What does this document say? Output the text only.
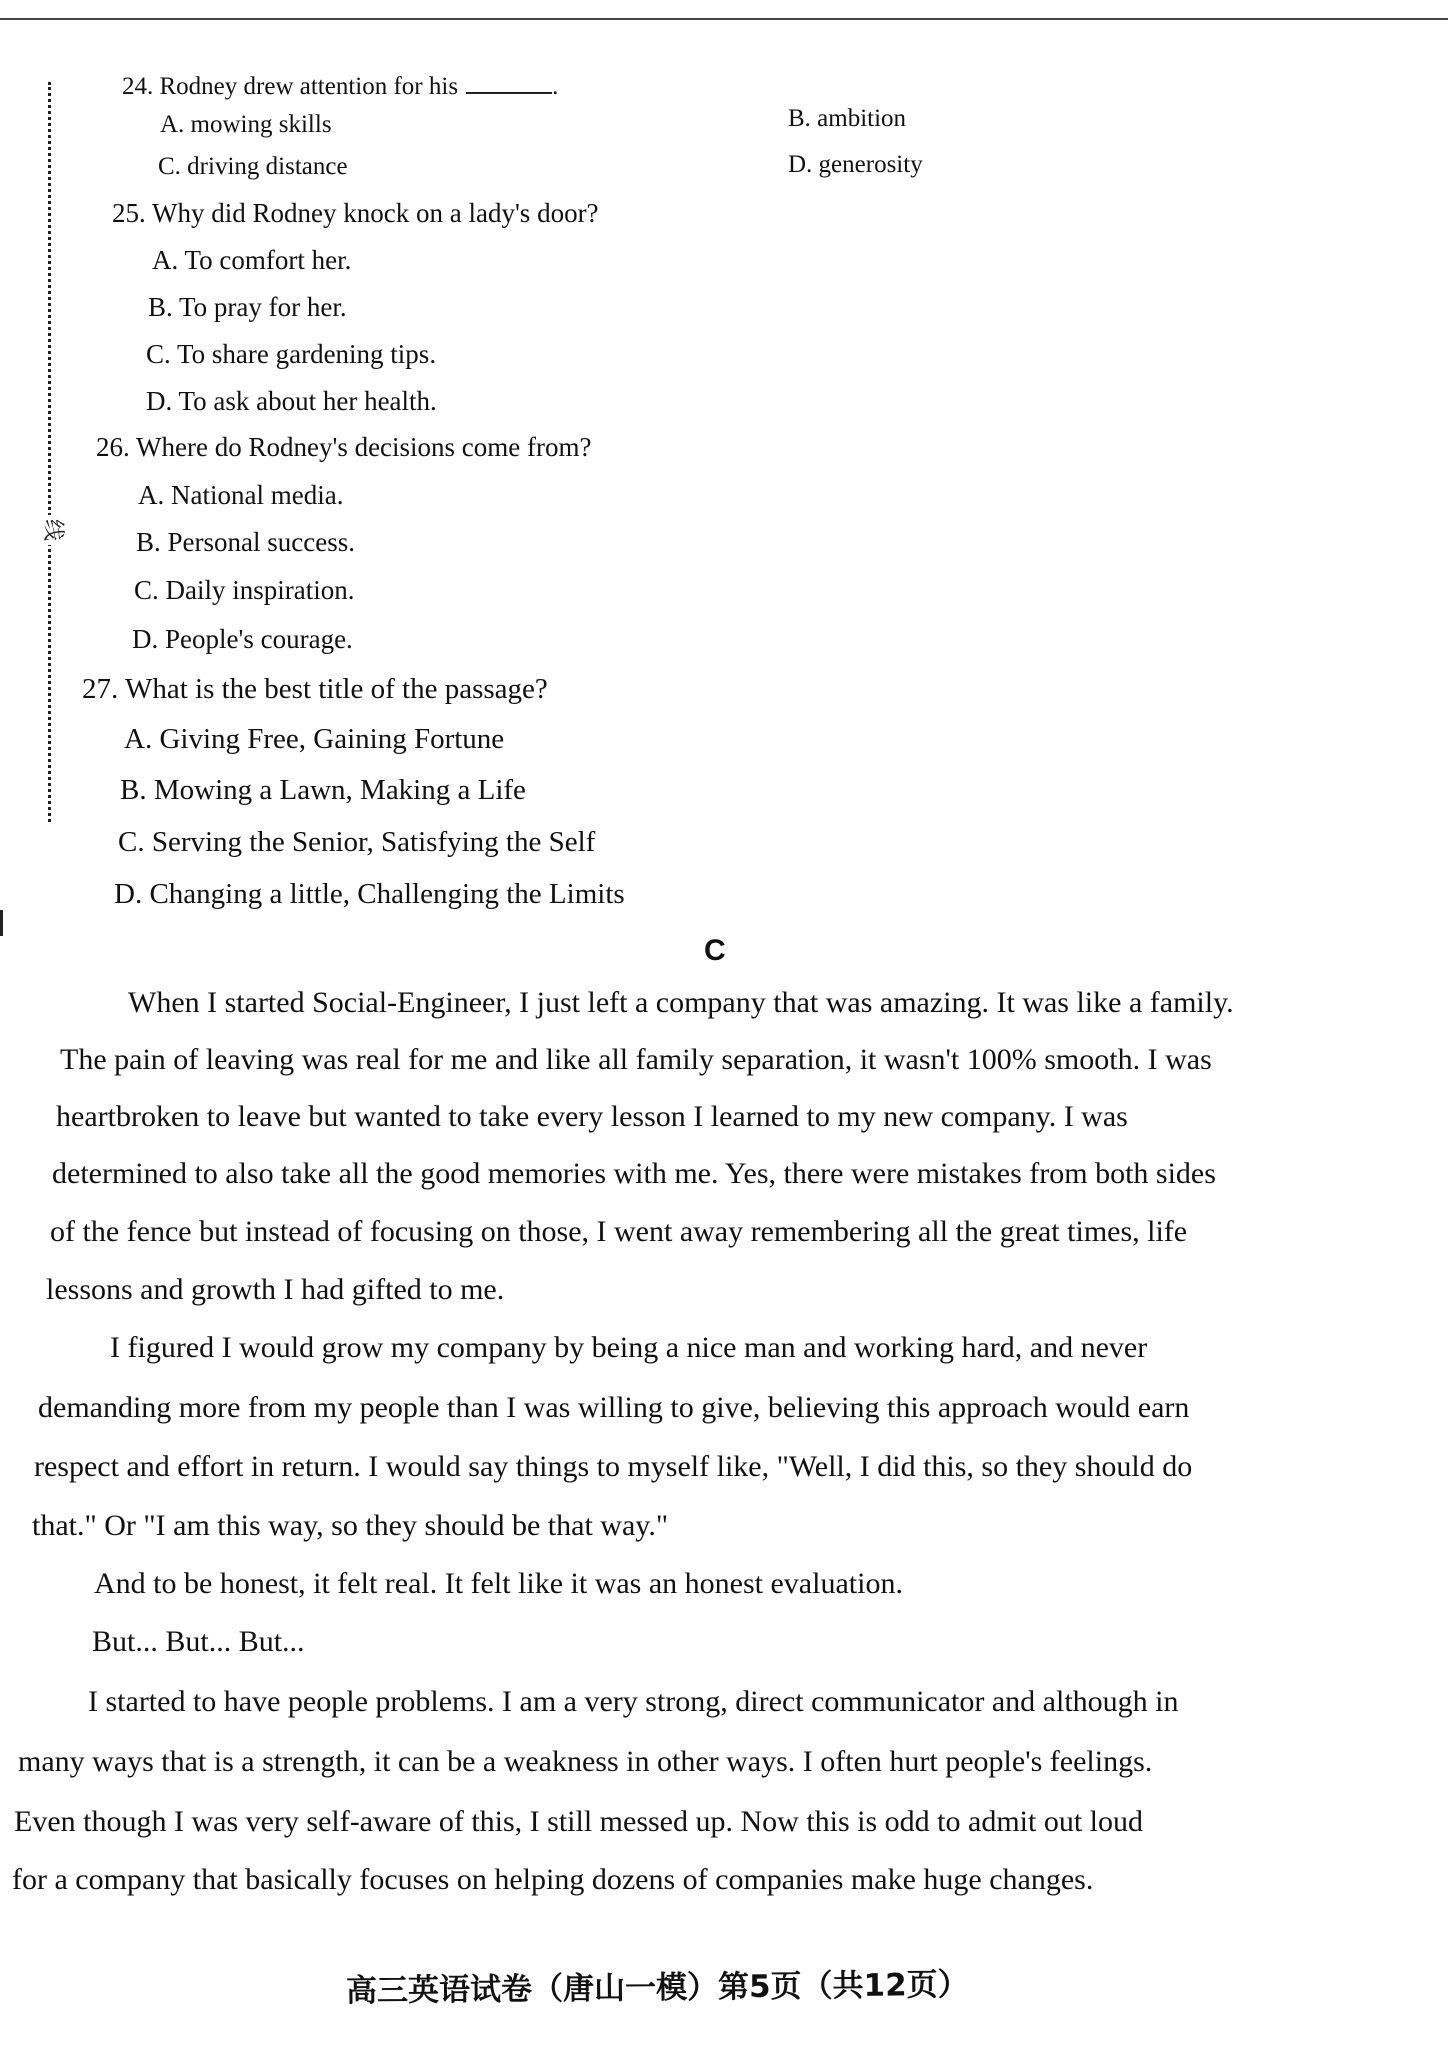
线
24. Rodney drew attention for his	.
A. mowing skills	B. ambition
C. driving distance	D. generosity
25. Why did Rodney knock on a lady's door?
A. To comfort her.
B. To pray for her.
C. To share gardening tips.
D. To ask about her health.
26. Where do Rodney's decisions come from?
A. National media.
B. Personal success.
C. Daily inspiration.
D. People's courage.
27. What is the best title of the passage?
A. Giving Free, Gaining Fortune
B. Mowing a Lawn, Making a Life
C. Serving the Senior, Satisfying the Self
D. Changing a little, Challenging the Limits
C
When I started Social-Engineer, I just left a company that was amazing. It was like a family.
The pain of leaving was real for me and like all family separation, it wasn't 100% smooth. I was
heartbroken to leave but wanted to take every lesson I learned to my new company. I was
determined to also take all the good memories with me. Yes, there were mistakes from both sides
of the fence but instead of focusing on those, I went away remembering all the great times, life
lessons and growth I had gifted to me.
I figured I would grow my company by being a nice man and working hard, and never
demanding more from my people than I was willing to give, believing this approach would earn
respect and effort in return. I would say things to myself like, "Well, I did this, so they should do
that." Or "I am this way, so they should be that way."
And to be honest, it felt real. It felt like it was an honest evaluation.
But... But... But...
I started to have people problems. I am a very strong, direct communicator and although in
many ways that is a strength, it can be a weakness in other ways. I often hurt people's feelings.
Even though I was very self-aware of this, I still messed up. Now this is odd to admit out loud
for a company that basically focuses on helping dozens of companies make huge changes.
高三英语试卷（唐山一模）第5页（共12页）
